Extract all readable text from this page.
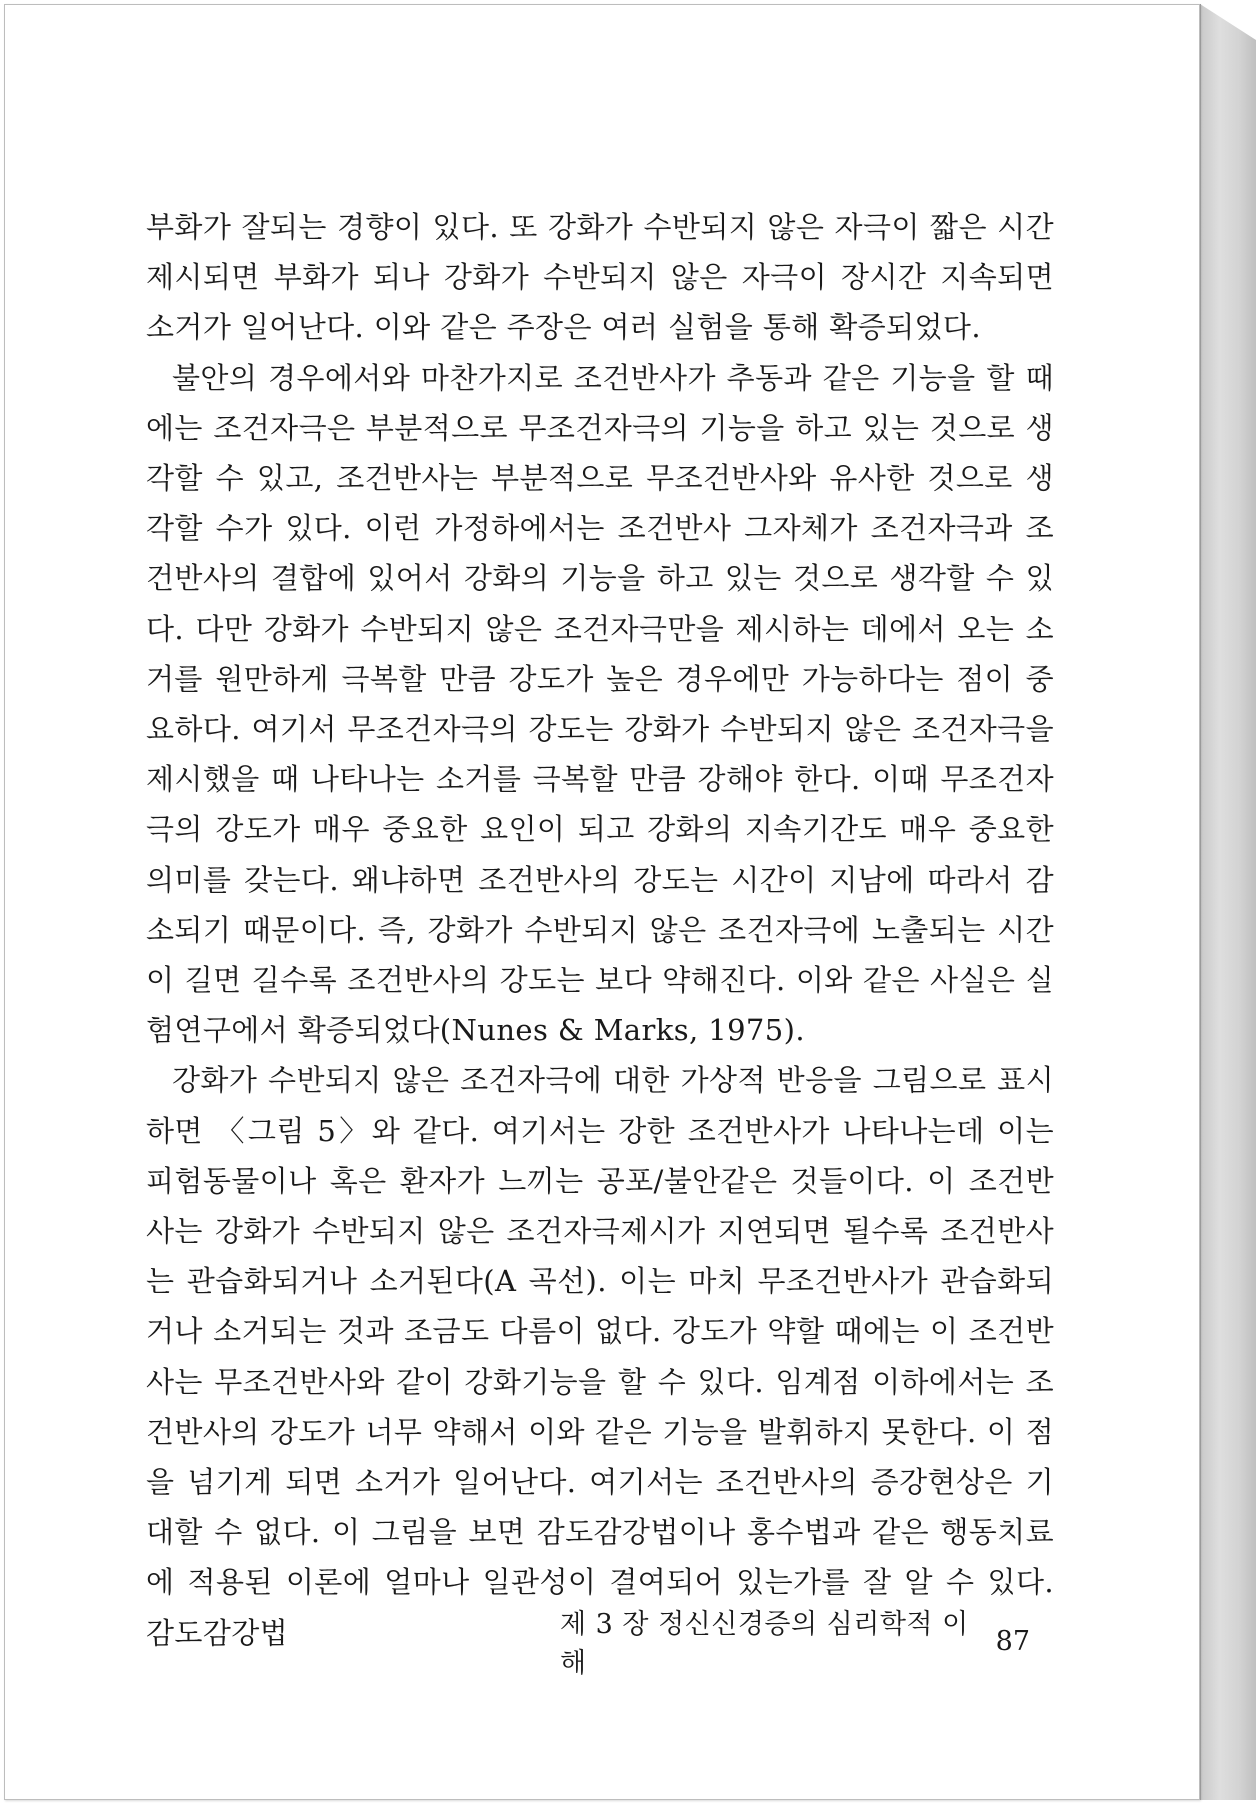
부화가 잘되는 경향이 있다. 또 강화가 수반되지 않은 자극이 짧은 시간 제시되면 부화가 되나 강화가 수반되지 않은 자극이 장시간 지속되면 소거가 일어난다. 이와 같은 주장은 여러 실험을 통해 확증되었다.

불안의 경우에서와 마찬가지로 조건반사가 추동과 같은 기능을 할 때에는 조건자극은 부분적으로 무조건자극의 기능을 하고 있는 것으로 생각할 수 있고, 조건반사는 부분적으로 무조건반사와 유사한 것으로 생각할 수가 있다. 이런 가정하에서는 조건반사 그자체가 조건자극과 조건반사의 결합에 있어서 강화의 기능을 하고 있는 것으로 생각할 수 있다. 다만 강화가 수반되지 않은 조건자극만을 제시하는 데에서 오는 소거를 원만하게 극복할 만큼 강도가 높은 경우에만 가능하다는 점이 중요하다. 여기서 무조건자극의 강도는 강화가 수반되지 않은 조건자극을 제시했을 때 나타나는 소거를 극복할 만큼 강해야 한다. 이때 무조건자극의 강도가 매우 중요한 요인이 되고 강화의 지속기간도 매우 중요한 의미를 갖는다. 왜냐하면 조건반사의 강도는 시간이 지남에 따라서 감소되기 때문이다. 즉, 강화가 수반되지 않은 조건자극에 노출되는 시간이 길면 길수록 조건반사의 강도는 보다 약해진다. 이와 같은 사실은 실험연구에서 확증되었다(Nunes & Marks, 1975).

강화가 수반되지 않은 조건자극에 대한 가상적 반응을 그림으로 표시하면 〈그림 5〉와 같다. 여기서는 강한 조건반사가 나타나는데 이는 피험동물이나 혹은 환자가 느끼는 공포/불안같은 것들이다. 이 조건반사는 강화가 수반되지 않은 조건자극제시가 지연되면 될수록 조건반사는 관습화되거나 소거된다(A 곡선). 이는 마치 무조건반사가 관습화되거나 소거되는 것과 조금도 다름이 없다. 강도가 약할 때에는 이 조건반사는 무조건반사와 같이 강화기능을 할 수 있다. 임계점 이하에서는 조건반사의 강도가 너무 약해서 이와 같은 기능을 발휘하지 못한다. 이 점을 넘기게 되면 소거가 일어난다. 여기서는 조건반사의 증강현상은 기대할 수 없다. 이 그림을 보면 감도감강법이나 홍수법과 같은 행동치료에 적용된 이론에 얼마나 일관성이 결여되어 있는가를 잘 알 수 있다. 감도감강법	제 3 장 정신신경증의 심리학적 이해
87
